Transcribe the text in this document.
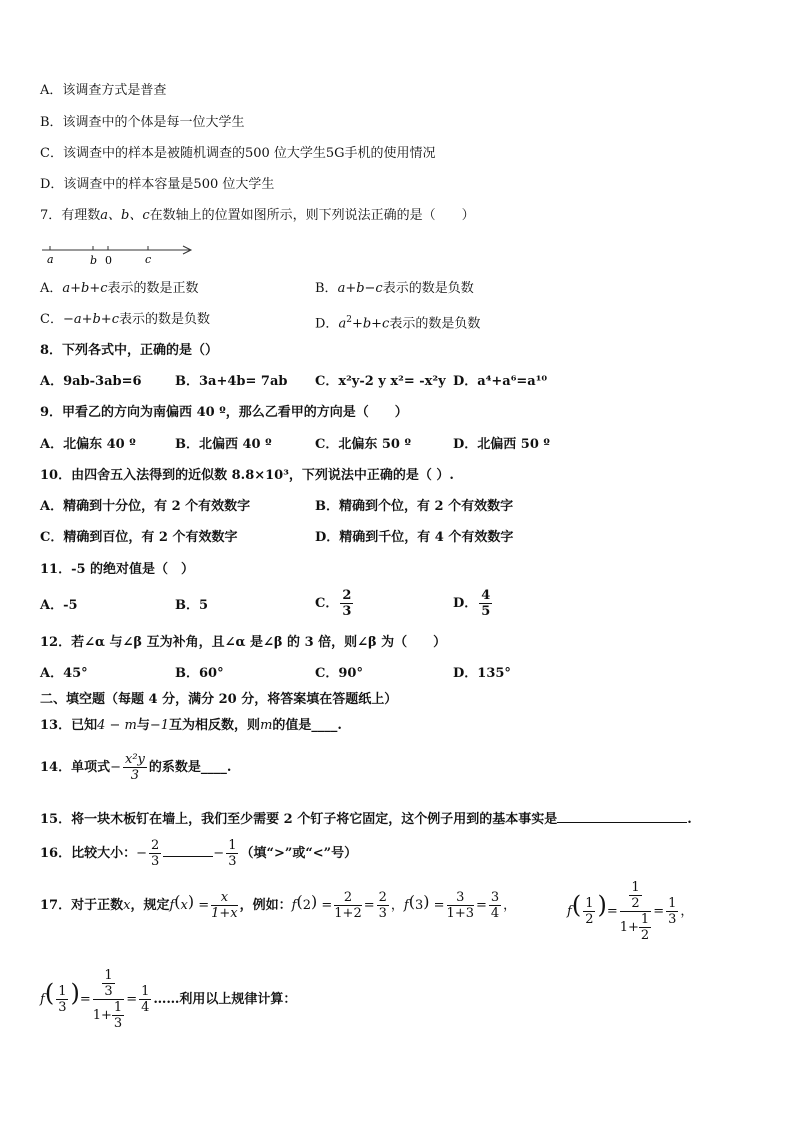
A．该调查方式是普查
B．该调查中的个体是每一位大学生
C．该调查中的样本是被随机调查的500 位大学生5G手机的使用情况
D．该调查中的样本容量是500 位大学生
7．有理数a、b、c在数轴上的位置如图所示，则下列说法正确的是（　　）
a	b 0	c
A．a+b+c表示的数是正数	B．a+b−c表示的数是负数
C．−a+b+c表示的数是负数	D．$a^2+b+c$表示的数是负数
8．下列各式中，正确的是（）
A．9ab-3ab=6	B．3a+4b= 7ab C．x²y-2 y x²= -x²y D．a⁴+a⁶=a¹⁰
9．甲看乙的方向为南偏西 40 º，那么乙看甲的方向是（　　）
A．北偏东 40 º	B．北偏西 40 º	C．北偏东 50 º	D．北偏西 50 º
10．由四舍五入法得到的近似数 8.8×10³，下列说法中正确的是（ ）.
A．精确到十分位，有 2 个有效数字	B．精确到个位，有 2 个有效数字
C．精确到百位，有 2 个有效数字	D．精确到千位，有 4 个有效数字
11．-5 的绝对值是（　）
A．-5	B．5	C． $\frac{2}{3}$	D． $\frac{4}{5}$
12．若∠α 与∠β 互为补角，且∠α 是∠β 的 3 倍，则∠β 为（　　）
A．45°	B．60°	C．90°	D．135°
二、填空题（每题 4 分，满分 20 分，将答案填在答题纸上）
13．已知4 − m与−1互为相反数，则m的值是____.
14．单项式− $\frac{\text{x²y}}{3}$ 的系数是____.
15．将一块木板钉在墙上，我们至少需要 2 个钉子将它固定，这个例子用到的基本事实是	.
16．比较大小：− $\frac{2}{3}$	− $\frac{1}{3}$ （填“>”或“<”号）
17．对于正数x，规定$f(x) = \frac{x}{1+x}$ ，例如：$f(2) = \frac{2}{1+2} = \frac{2}{3}$ ，$f(3) = \frac{3}{1+3} = \frac{3}{4}$ ，	$f( \frac{1}{2}$ )= $\frac{\frac{1}{2}}{1+ \frac{1}{2}} = \frac{1}{3}$ ，
$f( \frac{1}{3}$ )= $\frac{\frac{1}{3}}{1+ \frac{1}{3}} = \frac{1}{4}$ ……利用以上规律计算：
